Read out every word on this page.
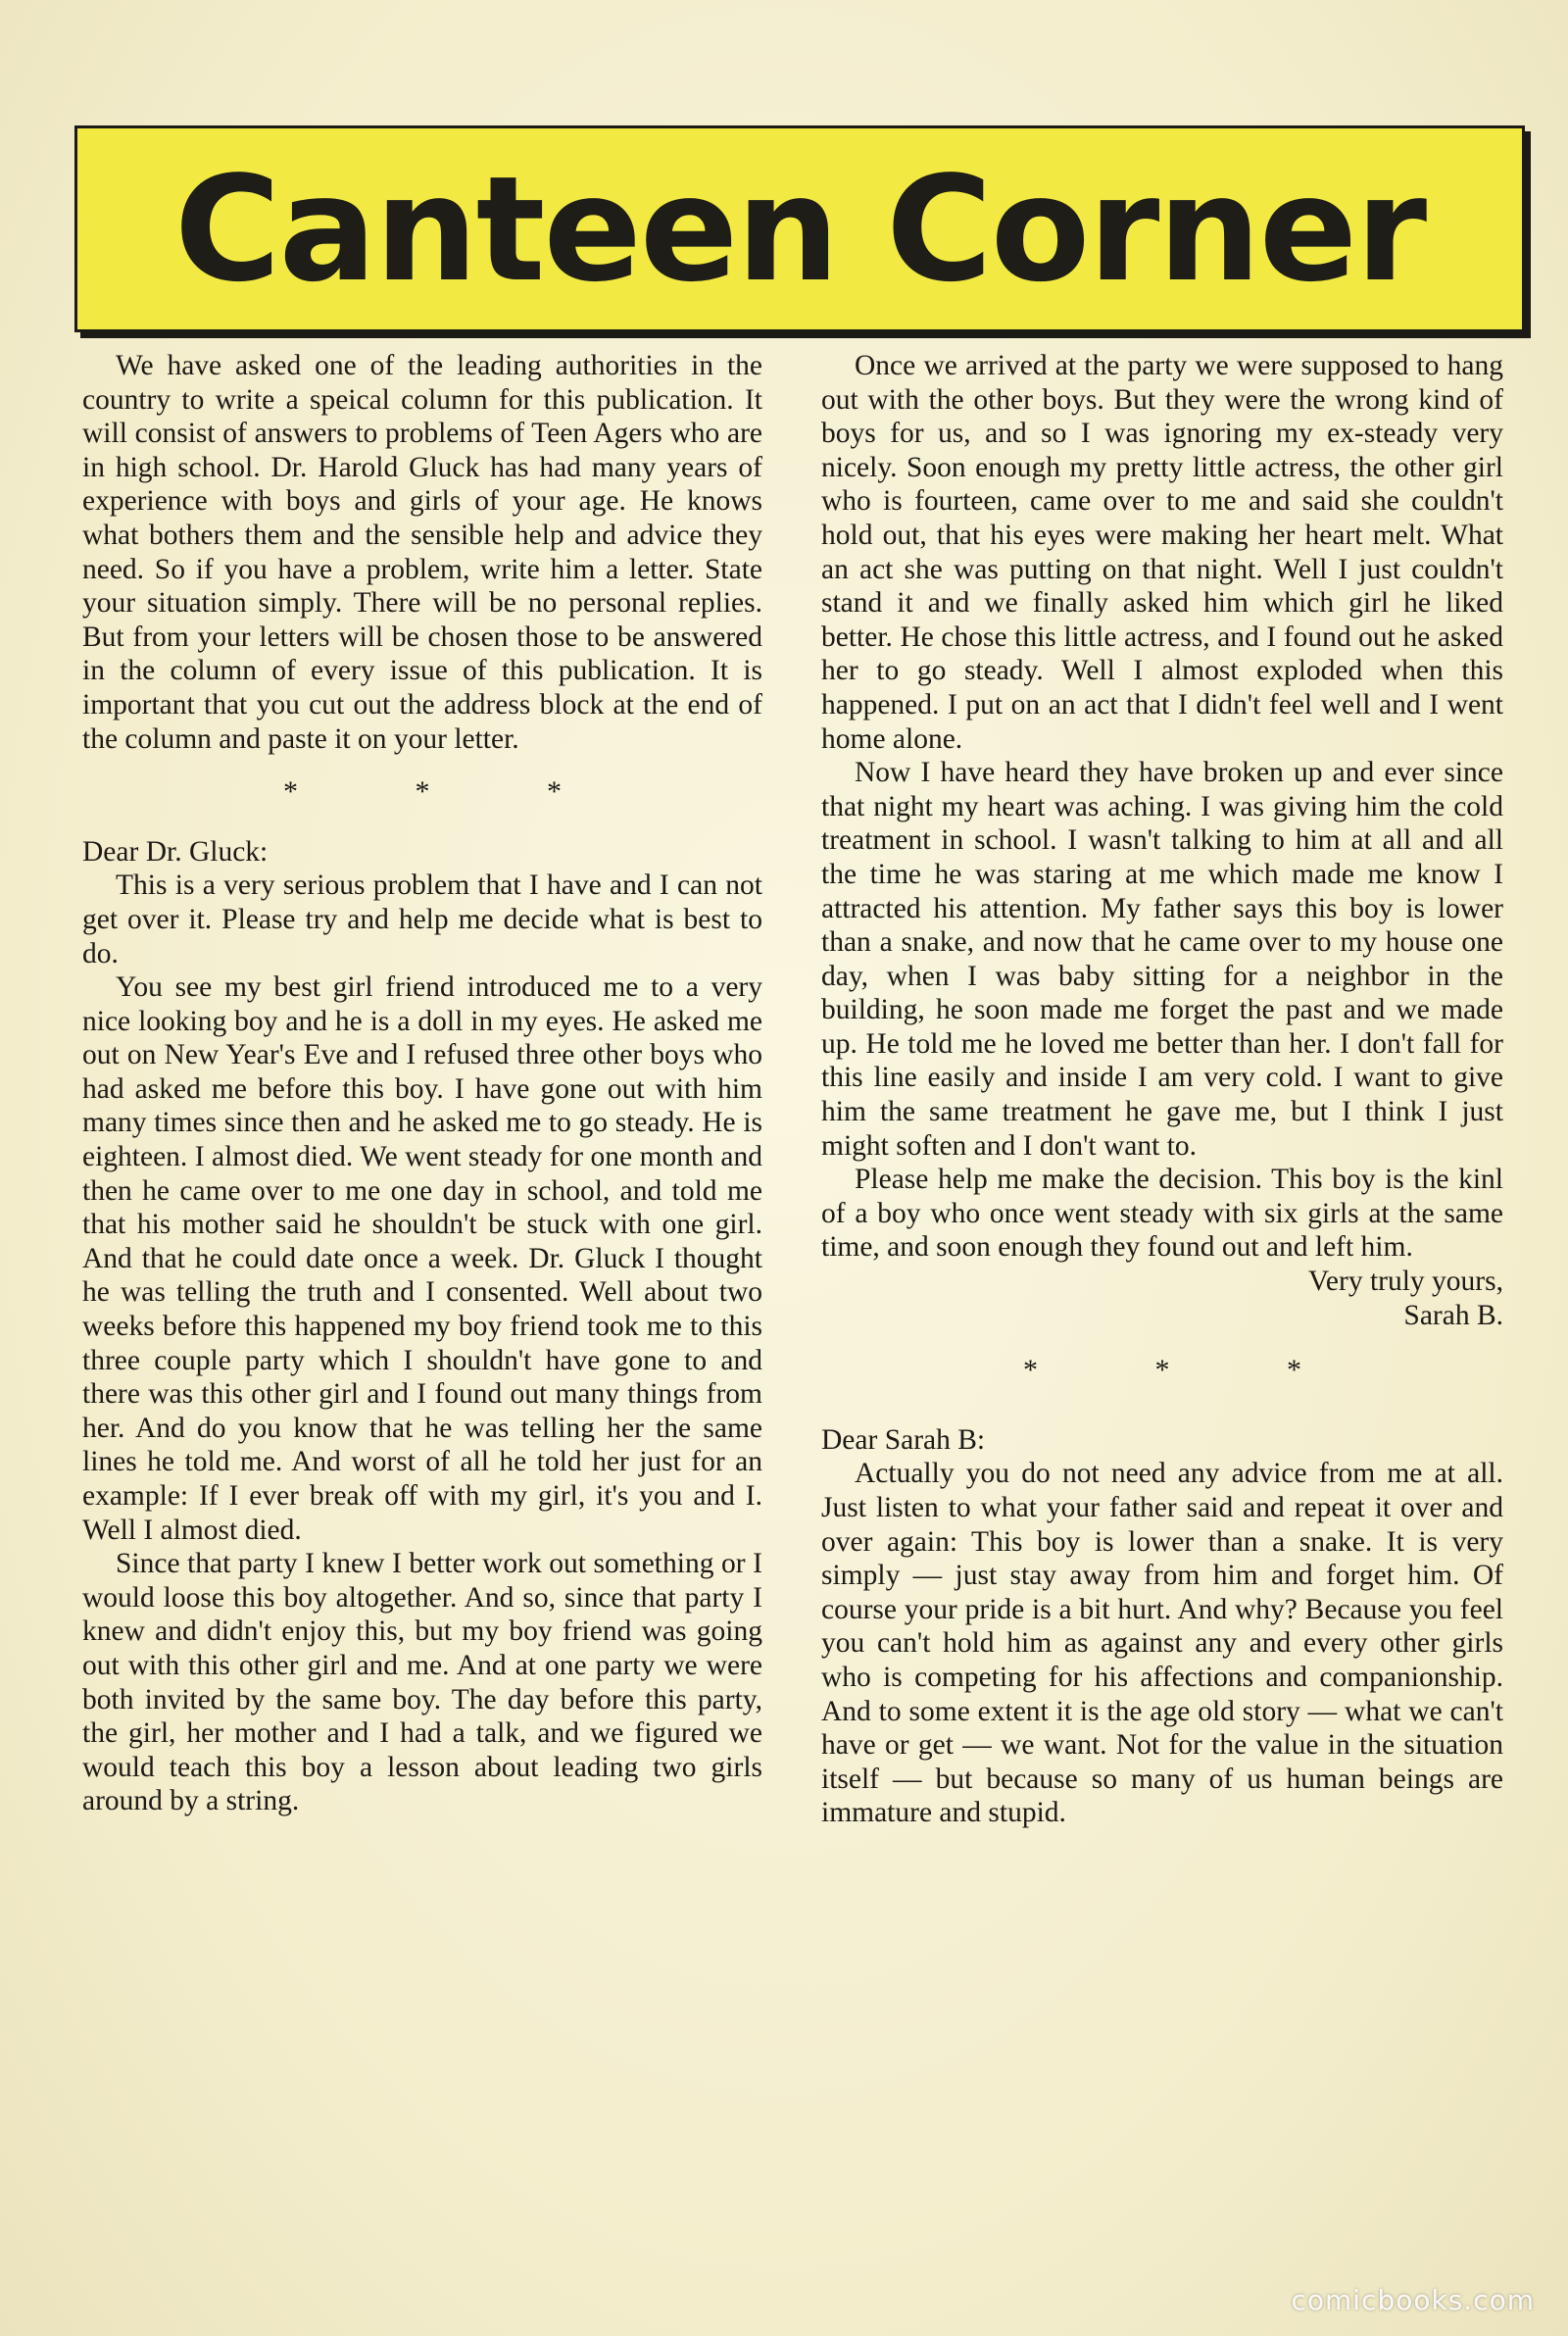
Canteen Corner

We have asked one of the leading authorities in the country to write a speical column for this publication. It will consist of answers to problems of Teen Agers who are in high school. Dr. Harold Gluck has had many years of experience with boys and girls of your age. He knows what bothers them and the sensible help and advice they need. So if you have a problem, write him a letter. State your situation simply. There will be no personal replies. But from your letters will be chosen those to be answered in the column of every issue of this publication. It is important that you cut out the address block at the end of the column and paste it on your letter.

* * *

Dear Dr. Gluck:

This is a very serious problem that I have and I can not get over it. Please try and help me decide what is best to do.

You see my best girl friend introduced me to a very nice looking boy and he is a doll in my eyes. He asked me out on New Year's Eve and I refused three other boys who had asked me before this boy. I have gone out with him many times since then and he asked me to go steady. He is eighteen. I almost died. We went steady for one month and then he came over to me one day in school, and told me that his mother said he shouldn't be stuck with one girl. And that he could date once a week. Dr. Gluck I thought he was telling the truth and I consented. Well about two weeks before this happened my boy friend took me to this three couple party which I shouldn't have gone to and there was this other girl and I found out many things from her. And do you know that he was telling her the same lines he told me. And worst of all he told her just for an example: If I ever break off with my girl, it's you and I. Well I almost died.

Since that party I knew I better work out something or I would loose this boy altogether. And so, since that party I knew and didn't enjoy this, but my boy friend was going out with this other girl and me. And at one party we were both invited by the same boy. The day before this party, the girl, her mother and I had a talk, and we figured we would teach this boy a lesson about leading two girls around by a string.

Once we arrived at the party we were supposed to hang out with the other boys. But they were the wrong kind of boys for us, and so I was ignoring my ex-steady very nicely. Soon enough my pretty little actress, the other girl who is fourteen, came over to me and said she couldn't hold out, that his eyes were making her heart melt. What an act she was putting on that night. Well I just couldn't stand it and we finally asked him which girl he liked better. He chose this little actress, and I found out he asked her to go steady. Well I almost exploded when this happened. I put on an act that I didn't feel well and I went home alone.

Now I have heard they have broken up and ever since that night my heart was aching. I was giving him the cold treatment in school. I wasn't talking to him at all and all the time he was staring at me which made me know I attracted his attention. My father says this boy is lower than a snake, and now that he came over to my house one day, when I was baby sitting for a neighbor in the building, he soon made me forget the past and we made up. He told me he loved me better than her. I don't fall for this line easily and inside I am very cold. I want to give him the same treatment he gave me, but I think I just might soften and I don't want to.

Please help me make the decision. This boy is the kinl of a boy who once went steady with six girls at the same time, and soon enough they found out and left him.

Very truly yours,

Sarah B.

* * *

Dear Sarah B:

Actually you do not need any advice from me at all. Just listen to what your father said and repeat it over and over again: This boy is lower than a snake. It is very simply — just stay away from him and forget him. Of course your pride is a bit hurt. And why? Because you feel you can't hold him as against any and every other girls who is competing for his affections and companionship. And to some extent it is the age old story — what we can't have or get — we want. Not for the value in the situation itself — but because so many of us human beings are immature and stupid.

comicbooks.com
